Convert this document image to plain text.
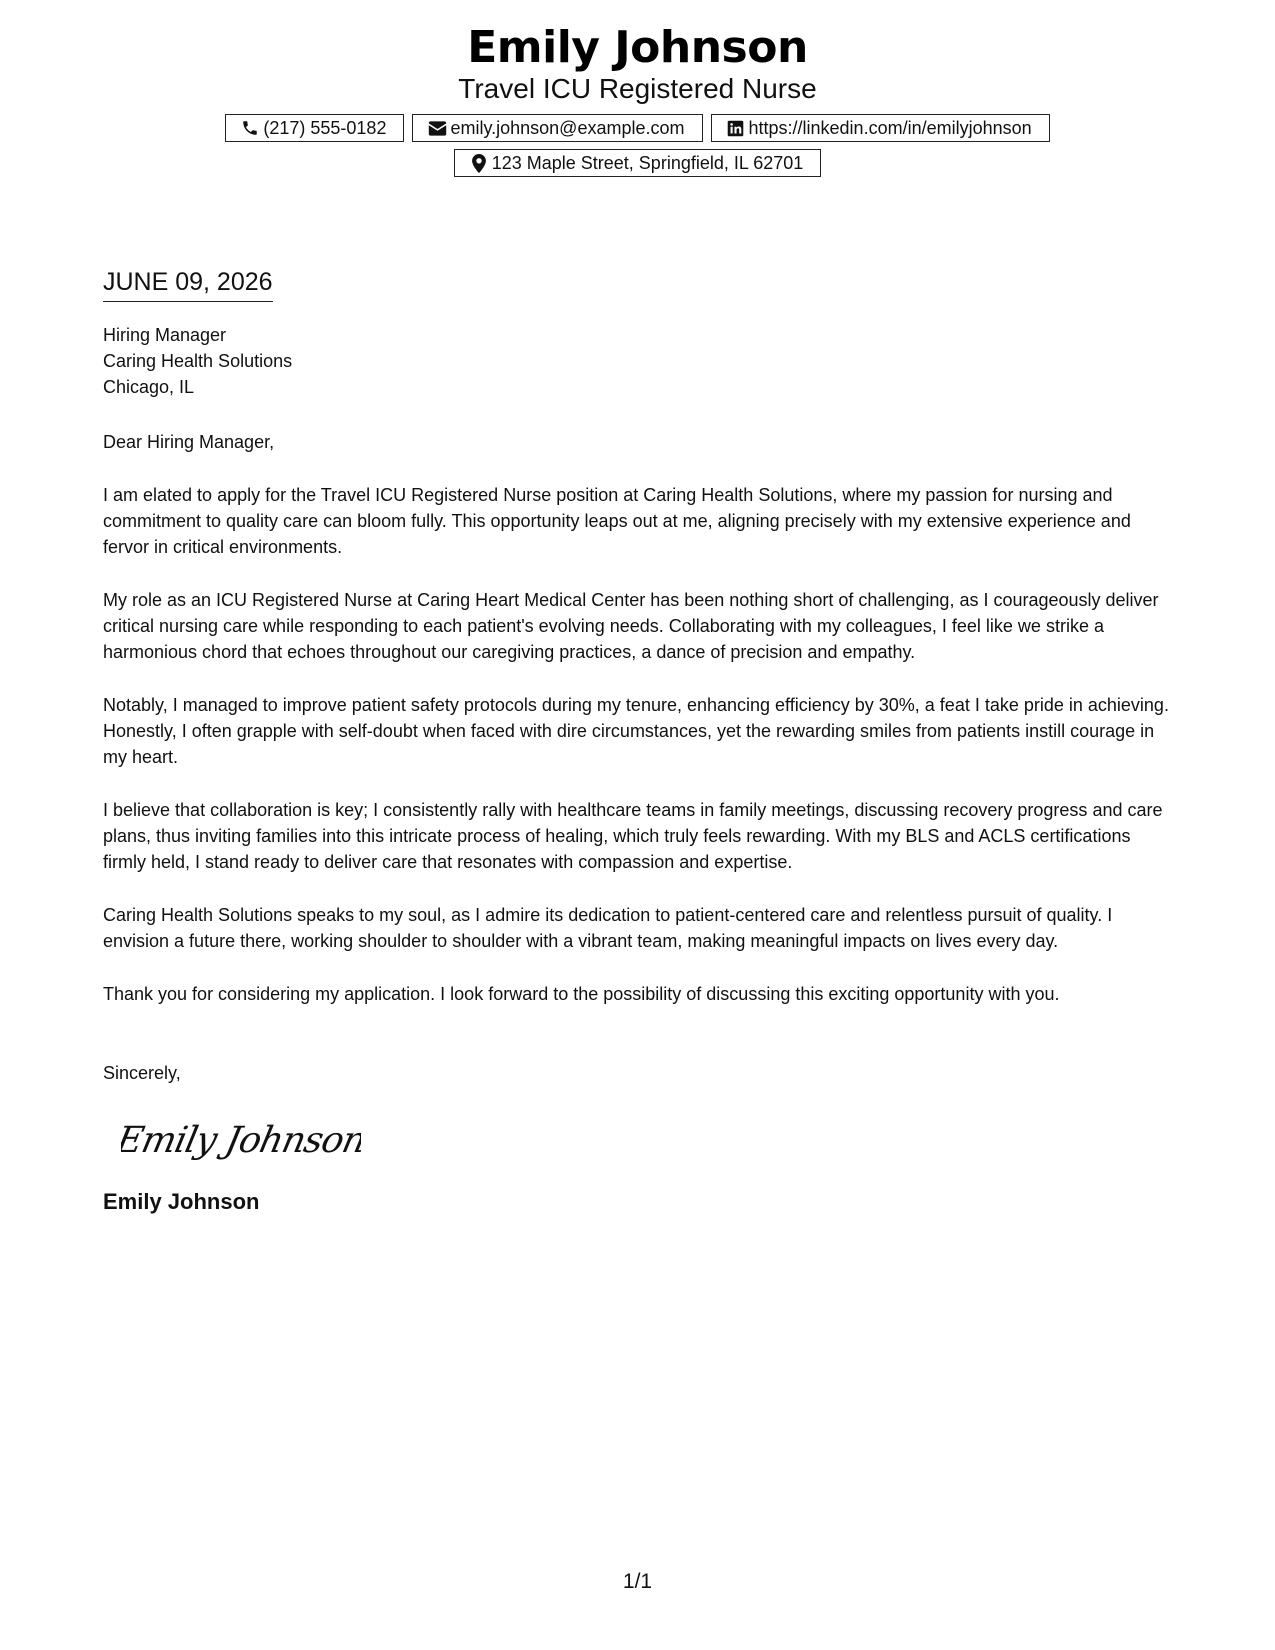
Emily Johnson
Travel ICU Registered Nurse
(217) 555-0182	emily.johnson@example.com	https://linkedin.com/in/emilyjohnson
123 Maple Street, Springfield, IL 62701
JUNE 09, 2026
Hiring Manager
Caring Health Solutions
Chicago, IL
Dear Hiring Manager,
I am elated to apply for the Travel ICU Registered Nurse position at Caring Health Solutions, where my passion for nursing and commitment to quality care can bloom fully. This opportunity leaps out at me, aligning precisely with my extensive experience and fervor in critical environments.
My role as an ICU Registered Nurse at Caring Heart Medical Center has been nothing short of challenging, as I courageously deliver critical nursing care while responding to each patient's evolving needs. Collaborating with my colleagues, I feel like we strike a harmonious chord that echoes throughout our caregiving practices, a dance of precision and empathy.
Notably, I managed to improve patient safety protocols during my tenure, enhancing efficiency by 30%, a feat I take pride in achieving. Honestly, I often grapple with self-doubt when faced with dire circumstances, yet the rewarding smiles from patients instill courage in my heart.
I believe that collaboration is key; I consistently rally with healthcare teams in family meetings, discussing recovery progress and care plans, thus inviting families into this intricate process of healing, which truly feels rewarding. With my BLS and ACLS certifications firmly held, I stand ready to deliver care that resonates with compassion and expertise.
Caring Health Solutions speaks to my soul, as I admire its dedication to patient-centered care and relentless pursuit of quality. I envision a future there, working shoulder to shoulder with a vibrant team, making meaningful impacts on lives every day.
Thank you for considering my application. I look forward to the possibility of discussing this exciting opportunity with you.
Sincerely,
Emily Johnson
Emily Johnson
1/1
